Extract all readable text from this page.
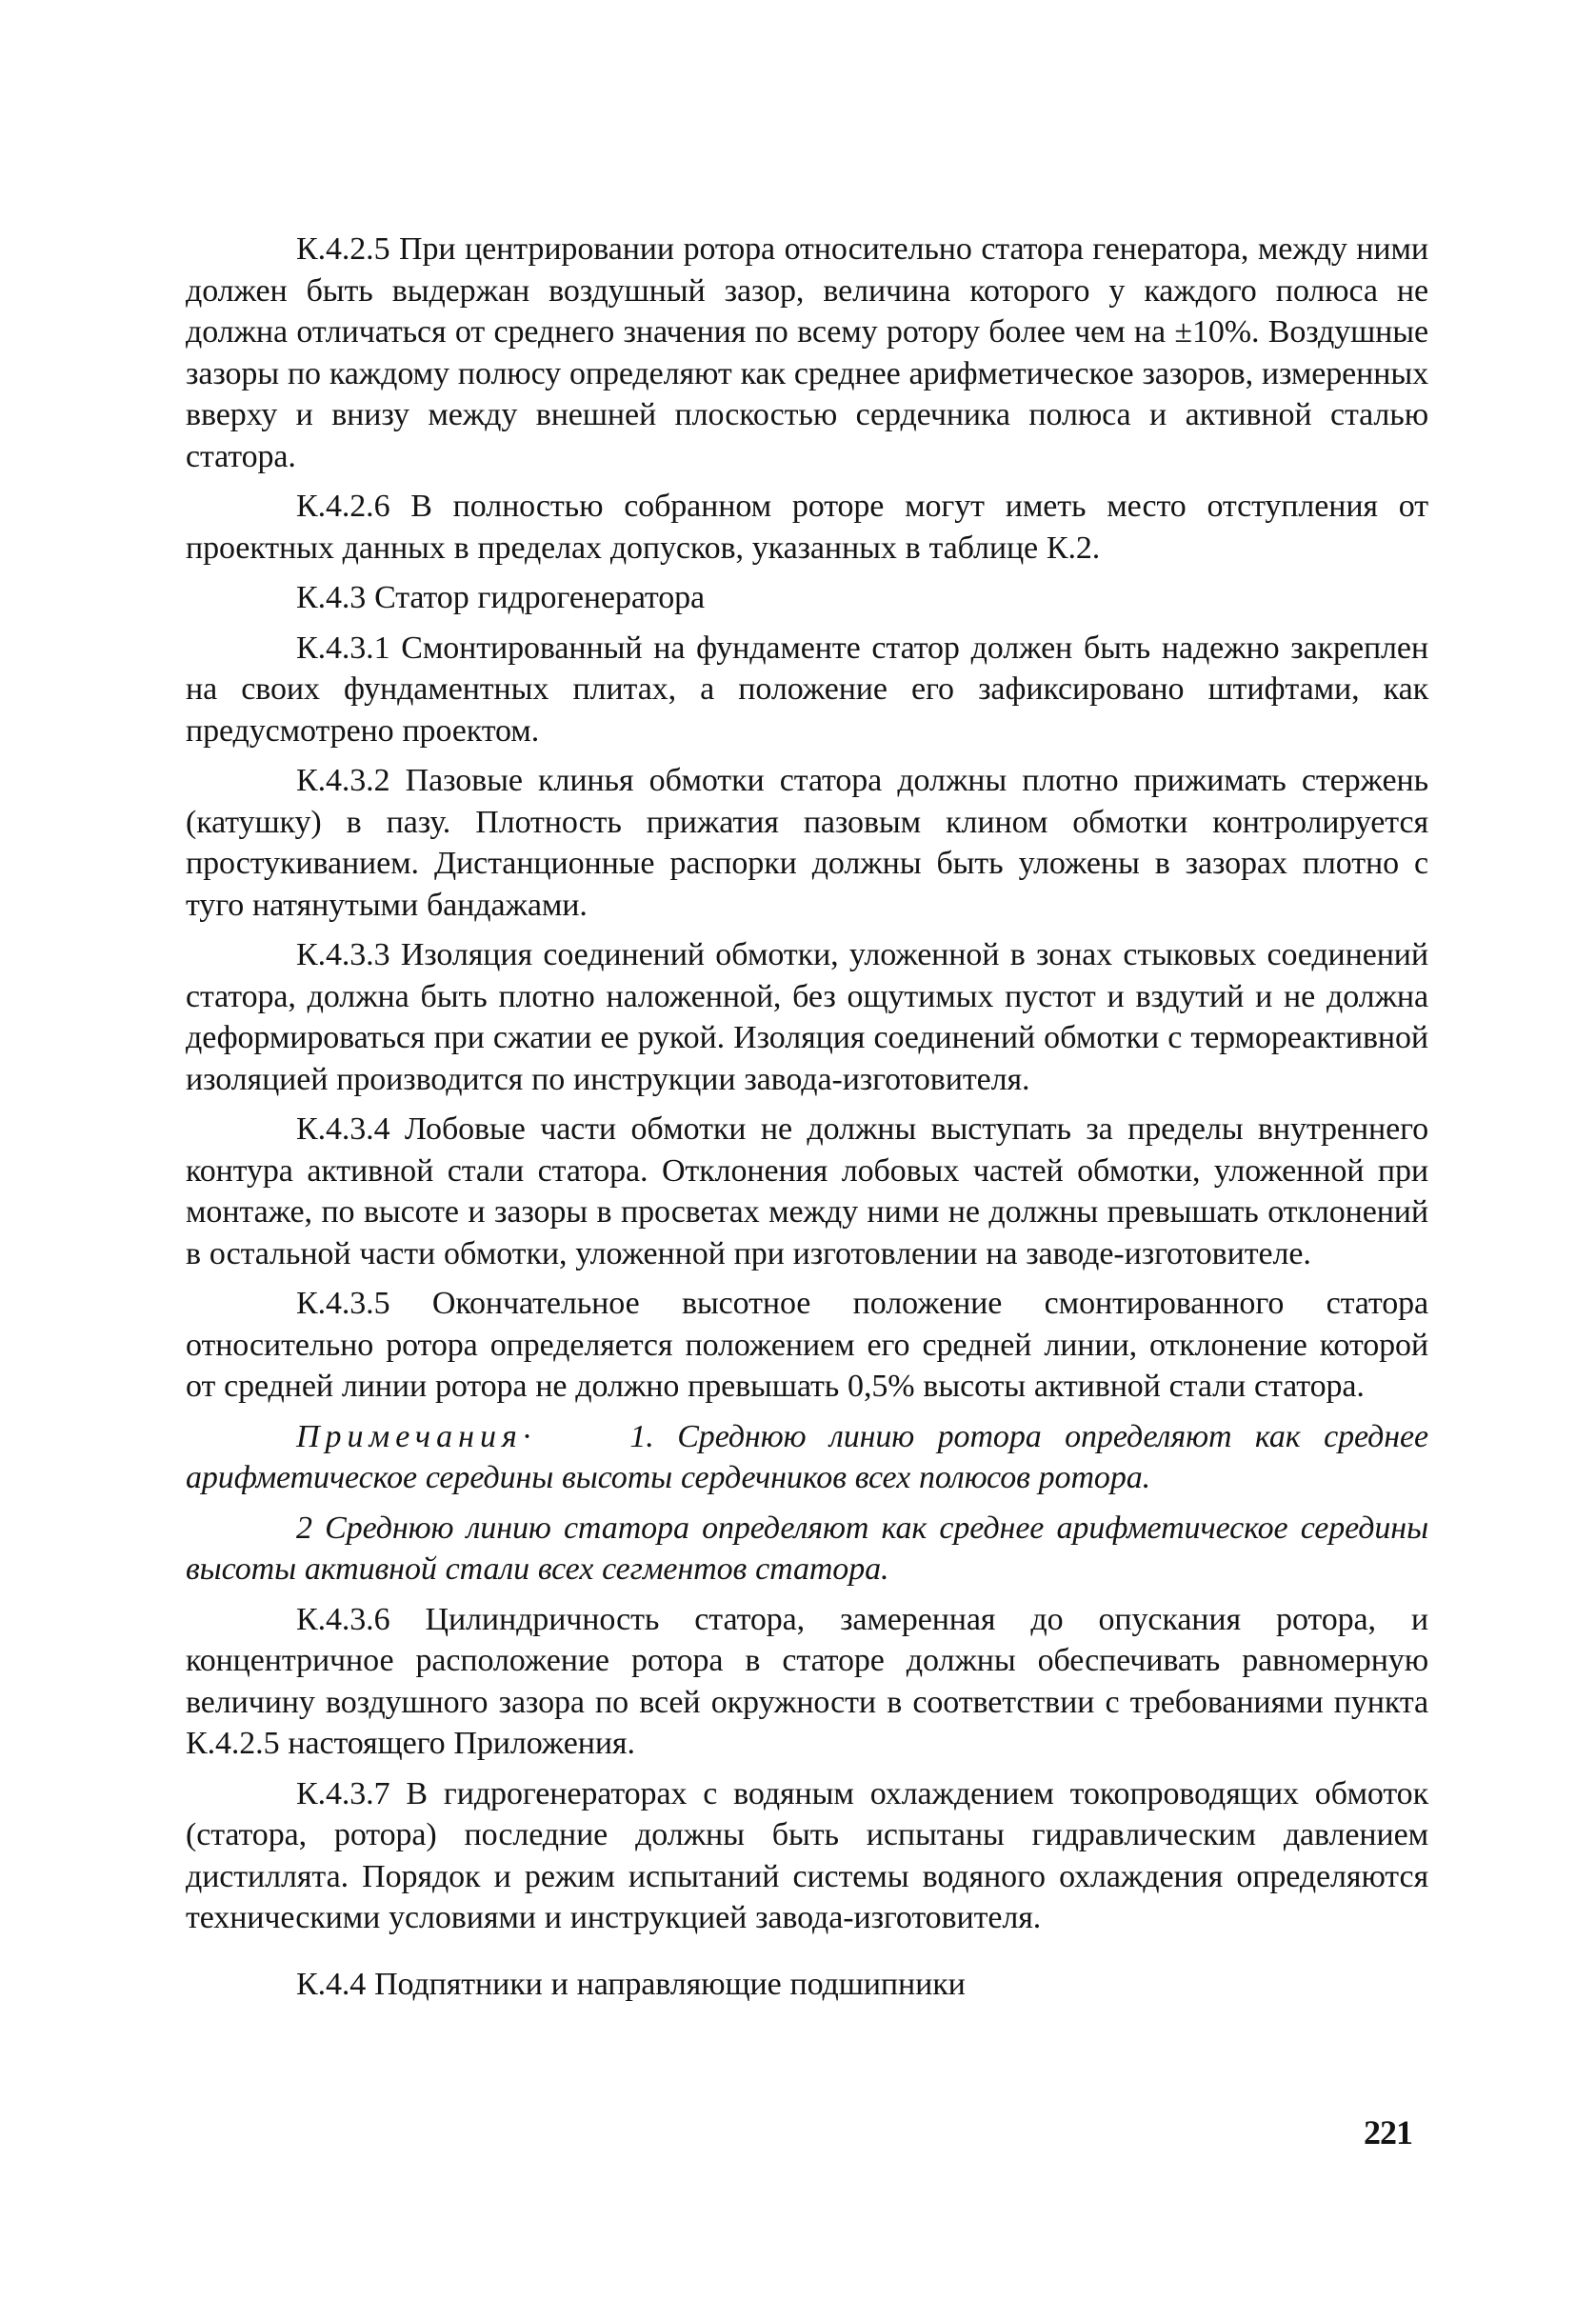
К.4.2.5 При центрировании ротора относительно статора генератора, между ними должен быть выдержан воздушный зазор, величина которого у каждого полюса не должна отличаться от среднего значения по всему ротору более чем на ±10%. Воздушные зазоры по каждому полюсу определяют как среднее арифметическое зазоров, измеренных вверху и внизу между внешней плоскостью сердечника полюса и активной сталью статора.

К.4.2.6 В полностью собранном роторе могут иметь место отступления от проектных данных в пределах допусков, указанных в таблице К.2.

К.4.3 Статор гидрогенератора

К.4.3.1 Смонтированный на фундаменте статор должен быть надежно закреплен на своих фундаментных плитах, а положение его зафиксировано штифтами, как предусмотрено проектом.

К.4.3.2 Пазовые клинья обмотки статора должны плотно прижимать стержень (катушку) в пазу. Плотность прижатия пазовым клином обмотки контролируется простукиванием. Дистанционные распорки должны быть уложены в зазорах плотно с туго натянутыми бандажами.

К.4.3.3 Изоляция соединений обмотки, уложенной в зонах стыковых соединений статора, должна быть плотно наложенной, без ощутимых пустот и вздутий и не должна деформироваться при сжатии ее рукой. Изоляция соединений обмотки с термореактивной изоляцией производится по инструкции завода-изготовителя.

К.4.3.4 Лобовые части обмотки не должны выступать за пределы внутреннего контура активной стали статора. Отклонения лобовых частей обмотки, уложенной при монтаже, по высоте и зазоры в просветах между ними не должны превышать отклонений в остальной части обмотки, уложенной при изготовлении на заводе-изготовителе.

К.4.3.5 Окончательное высотное положение смонтированного статора относительно ротора определяется положением его средней линии, отклонение которой от средней линии ротора не должно превышать 0,5% высоты активной стали статора.

Примечания·	1. Среднюю линию ротора определяют как среднее арифметическое середины высоты сердечников всех полюсов ротора.

2 Среднюю линию статора определяют как среднее арифметическое середины высоты активной стали всех сегментов статора.

К.4.3.6 Цилиндричность статора, замеренная до опускания ротора, и концентричное расположение ротора в статоре должны обеспечивать равномерную величину воздушного зазора по всей окружности в соответствии с требованиями пункта К.4.2.5 настоящего Приложения.

К.4.3.7 В гидрогенераторах с водяным охлаждением токопроводящих обмоток (статора, ротора) последние должны быть испытаны гидравлическим давлением дистиллята. Порядок и режим испытаний системы водяного охлаждения определяются техническими условиями и инструкцией завода-изготовителя.

К.4.4 Подпятники и направляющие подшипники

221
